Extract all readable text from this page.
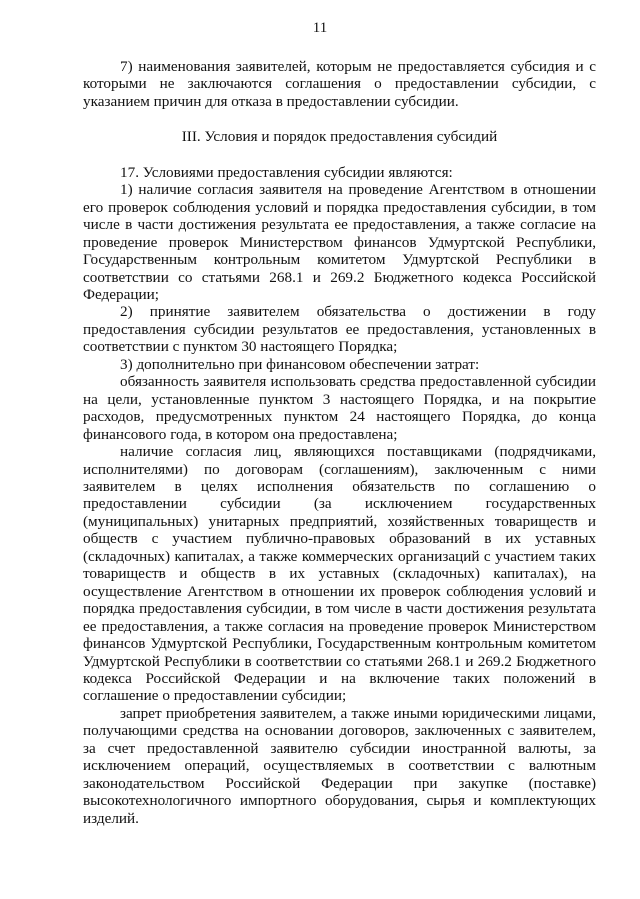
11

7) наименования заявителей, которым не предоставляется субсидия и с которыми не заключаются соглашения о предоставлении субсидии, с указанием причин для отказа в предоставлении субсидии.

III. Условия и порядок предоставления субсидий

17. Условиями предоставления субсидии являются:

1) наличие согласия заявителя на проведение Агентством в отношении его проверок соблюдения условий и порядка предоставления субсидии, в том числе в части достижения результата ее предоставления, а также согласие на проведение проверок Министерством финансов Удмуртской Республики, Государственным контрольным комитетом Удмуртской Республики в соответствии со статьями 268.1 и 269.2 Бюджетного кодекса Российской Федерации;

2) принятие заявителем обязательства о достижении в году предоставления субсидии результатов ее предоставления, установленных в соответствии с пунктом 30 настоящего Порядка;

3) дополнительно при финансовом обеспечении затрат:

обязанность заявителя использовать средства предоставленной субсидии на цели, установленные пунктом 3 настоящего Порядка, и на покрытие расходов, предусмотренных пунктом 24 настоящего Порядка, до конца финансового года, в котором она предоставлена;

наличие согласия лиц, являющихся поставщиками (подрядчиками, исполнителями) по договорам (соглашениям), заключенным с ними заявителем в целях исполнения обязательств по соглашению о предоставлении субсидии (за исключением государственных (муниципальных) унитарных предприятий, хозяйственных товариществ и обществ с участием публично-правовых образований в их уставных (складочных) капиталах, а также коммерческих организаций с участием таких товариществ и обществ в их уставных (складочных) капиталах), на осуществление Агентством в отношении их проверок соблюдения условий и порядка предоставления субсидии, в том числе в части достижения результата ее предоставления, а также согласия на проведение проверок Министерством финансов Удмуртской Республики, Государственным контрольным комитетом Удмуртской Республики в соответствии со статьями 268.1 и 269.2 Бюджетного кодекса Российской Федерации и на включение таких положений в соглашение о предоставлении субсидии;

запрет приобретения заявителем, а также иными юридическими лицами, получающими средства на основании договоров, заключенных с заявителем, за счет предоставленной заявителю субсидии иностранной валюты, за исключением операций, осуществляемых в соответствии с валютным законодательством Российской Федерации при закупке (поставке) высокотехнологичного импортного оборудования, сырья и комплектующих изделий.
